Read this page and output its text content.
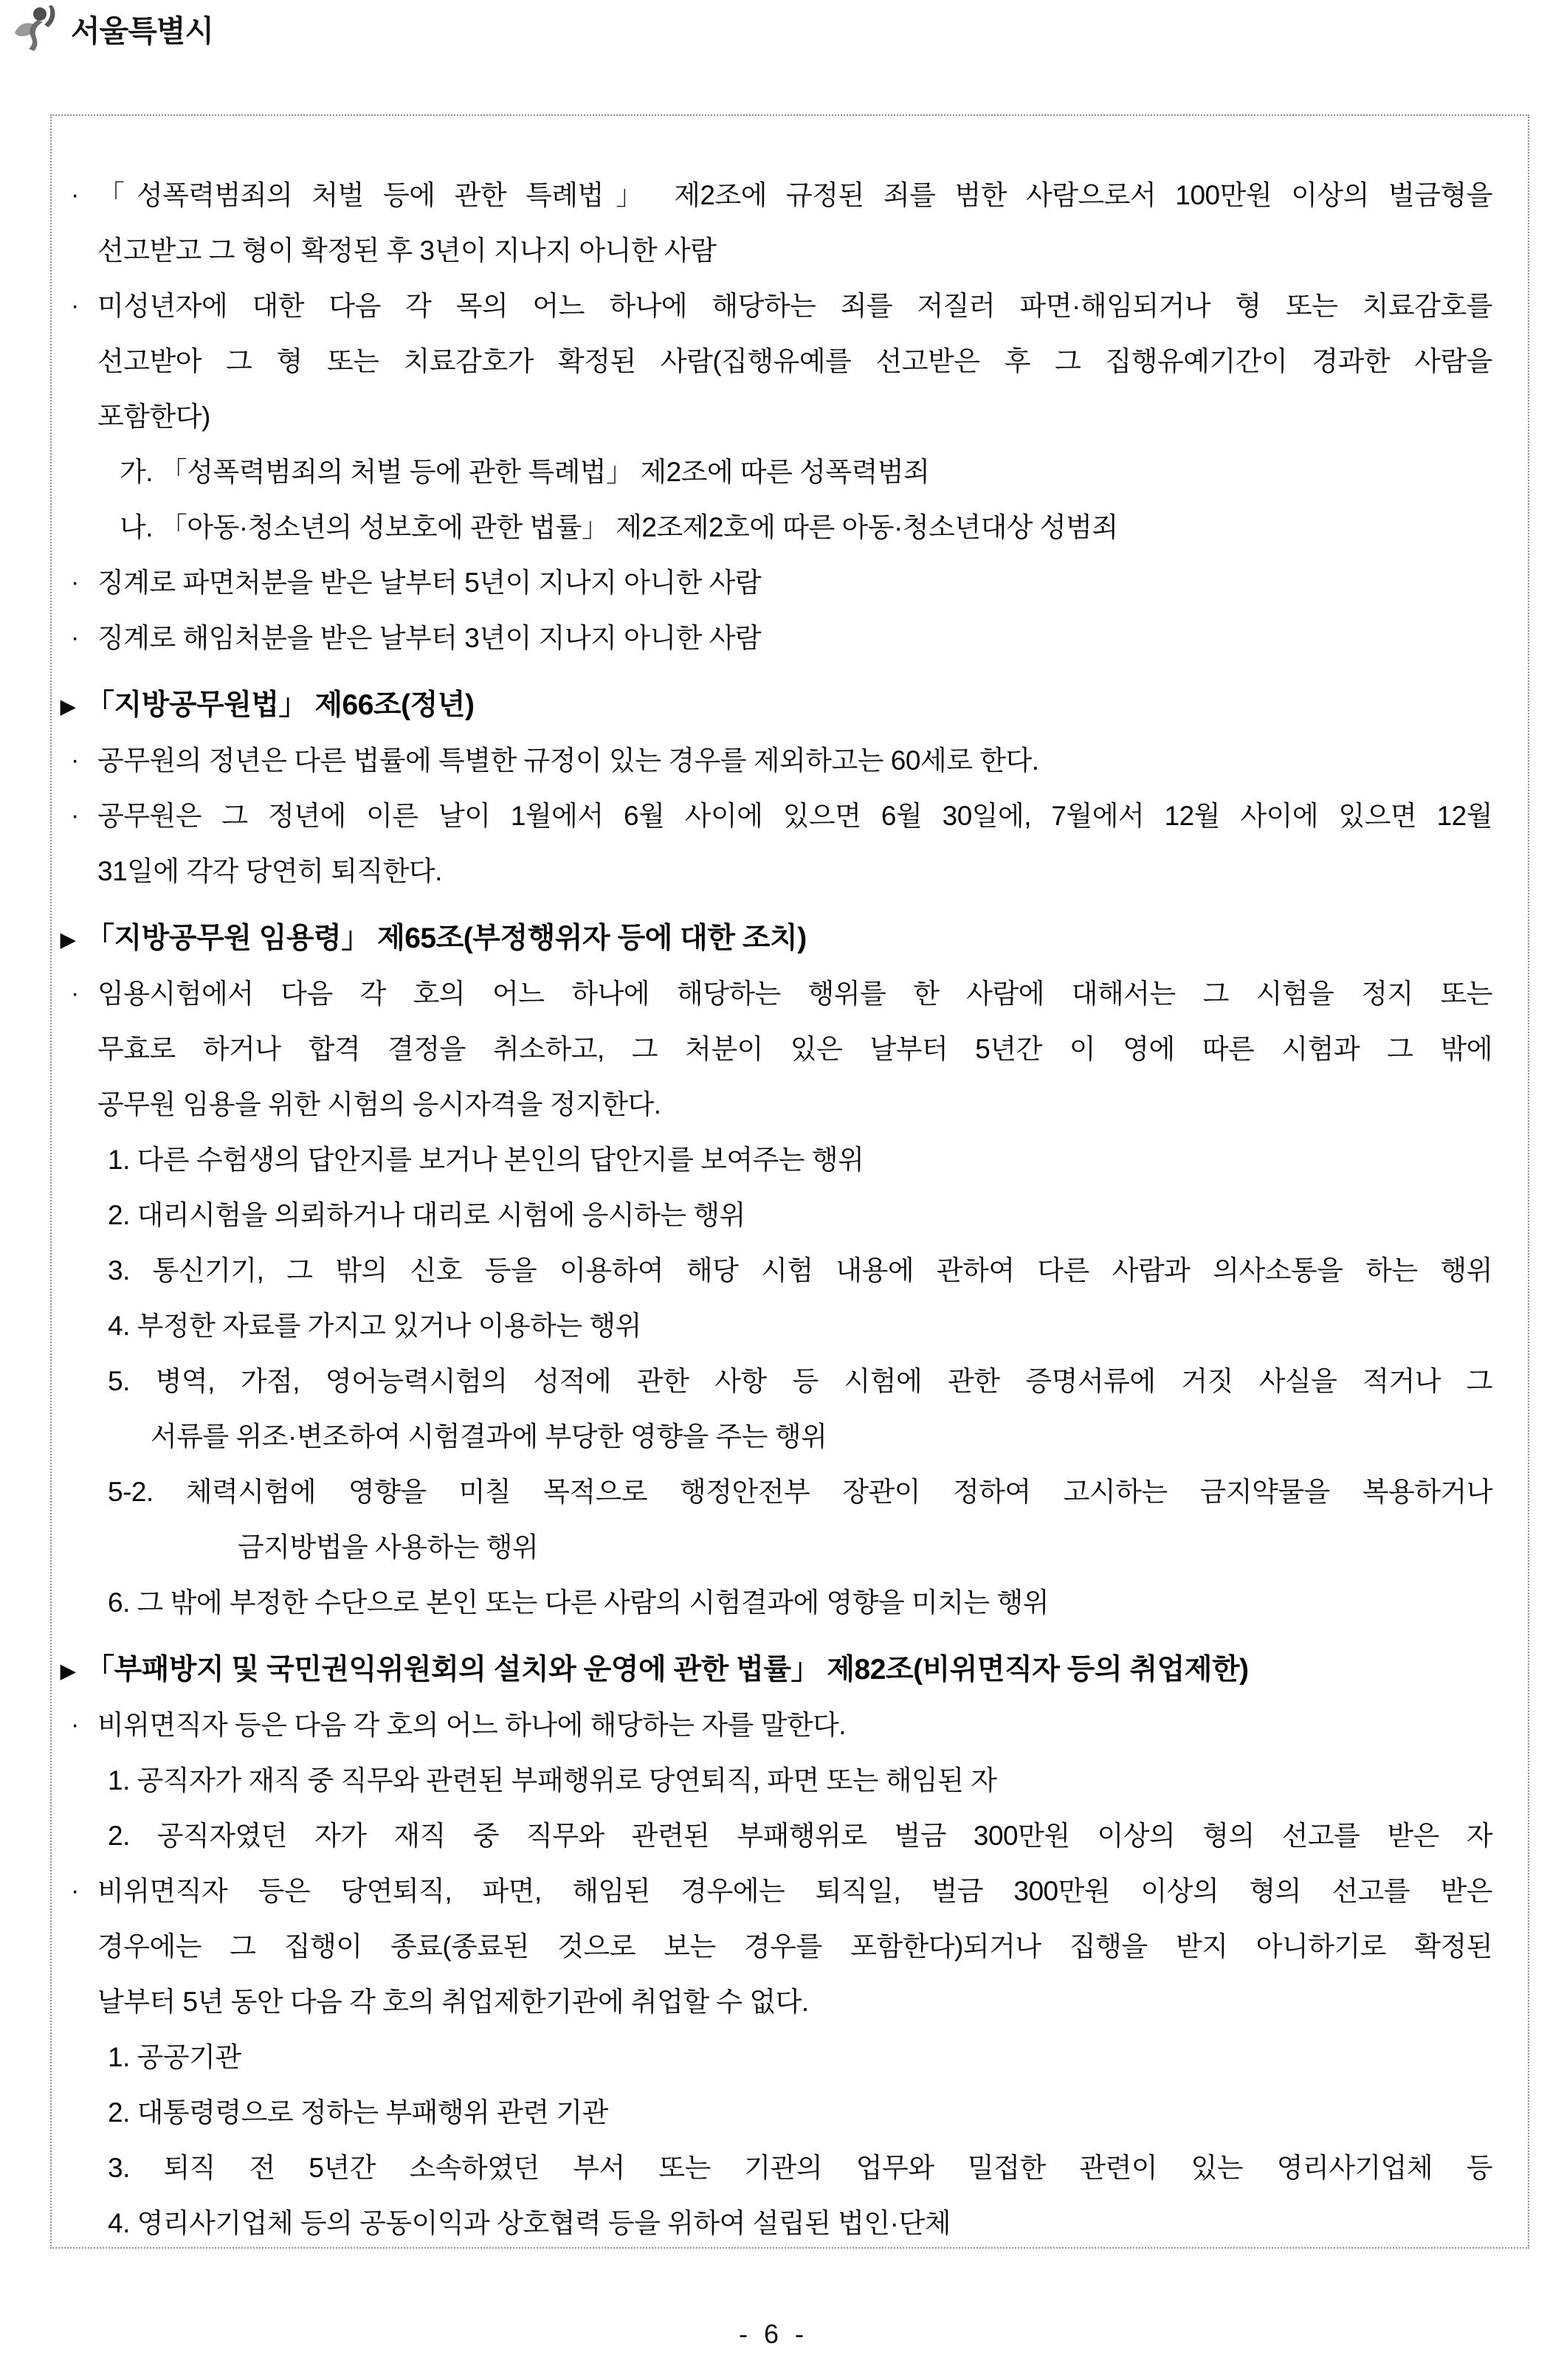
서울특별시
· 「성폭력범죄의 처벌 등에 관한 특례법」 제2조에 규정된 죄를 범한 사람으로서 100만원 이상의 벌금형을
선고받고 그 형이 확정된 후 3년이 지나지 아니한 사람
· 미성년자에 대한 다음 각 목의 어느 하나에 해당하는 죄를 저질러 파면·해임되거나 형 또는 치료감호를
선고받아 그 형 또는 치료감호가 확정된 사람(집행유예를 선고받은 후 그 집행유예기간이 경과한 사람을
포함한다)
가. 「성폭력범죄의 처벌 등에 관한 특례법」 제2조에 따른 성폭력범죄
나. 「아동·청소년의 성보호에 관한 법률」 제2조제2호에 따른 아동·청소년대상 성범죄
· 징계로 파면처분을 받은 날부터 5년이 지나지 아니한 사람
· 징계로 해임처분을 받은 날부터 3년이 지나지 아니한 사람
▶ 「지방공무원법」 제66조(정년)
· 공무원의 정년은 다른 법률에 특별한 규정이 있는 경우를 제외하고는 60세로 한다.
· 공무원은 그 정년에 이른 날이 1월에서 6월 사이에 있으면 6월 30일에, 7월에서 12월 사이에 있으면 12월
31일에 각각 당연히 퇴직한다.
▶ 「지방공무원 임용령」 제65조(부정행위자 등에 대한 조치)
· 임용시험에서 다음 각 호의 어느 하나에 해당하는 행위를 한 사람에 대해서는 그 시험을 정지 또는
무효로 하거나 합격 결정을 취소하고, 그 처분이 있은 날부터 5년간 이 영에 따른 시험과 그 밖에
공무원 임용을 위한 시험의 응시자격을 정지한다.
1. 다른 수험생의 답안지를 보거나 본인의 답안지를 보여주는 행위
2. 대리시험을 의뢰하거나 대리로 시험에 응시하는 행위
3. 통신기기, 그 밖의 신호 등을 이용하여 해당 시험 내용에 관하여 다른 사람과 의사소통을 하는 행위
4. 부정한 자료를 가지고 있거나 이용하는 행위
5. 병역, 가점, 영어능력시험의 성적에 관한 사항 등 시험에 관한 증명서류에 거짓 사실을 적거나 그
서류를 위조·변조하여 시험결과에 부당한 영향을 주는 행위
5-2. 체력시험에 영향을 미칠 목적으로 행정안전부 장관이 정하여 고시하는 금지약물을 복용하거나
금지방법을 사용하는 행위
6. 그 밖에 부정한 수단으로 본인 또는 다른 사람의 시험결과에 영향을 미치는 행위
▶ 「부패방지 및 국민권익위원회의 설치와 운영에 관한 법률」 제82조(비위면직자 등의 취업제한)
· 비위면직자 등은 다음 각 호의 어느 하나에 해당하는 자를 말한다.
1. 공직자가 재직 중 직무와 관련된 부패행위로 당연퇴직, 파면 또는 해임된 자
2. 공직자였던 자가 재직 중 직무와 관련된 부패행위로 벌금 300만원 이상의 형의 선고를 받은 자
· 비위면직자 등은 당연퇴직, 파면, 해임된 경우에는 퇴직일, 벌금 300만원 이상의 형의 선고를 받은
경우에는 그 집행이 종료(종료된 것으로 보는 경우를 포함한다)되거나 집행을 받지 아니하기로 확정된
날부터 5년 동안 다음 각 호의 취업제한기관에 취업할 수 없다.
1. 공공기관
2. 대통령령으로 정하는 부패행위 관련 기관
3. 퇴직 전 5년간 소속하였던 부서 또는 기관의 업무와 밀접한 관련이 있는 영리사기업체 등
4. 영리사기업체 등의 공동이익과 상호협력 등을 위하여 설립된 법인·단체
- 6 -
